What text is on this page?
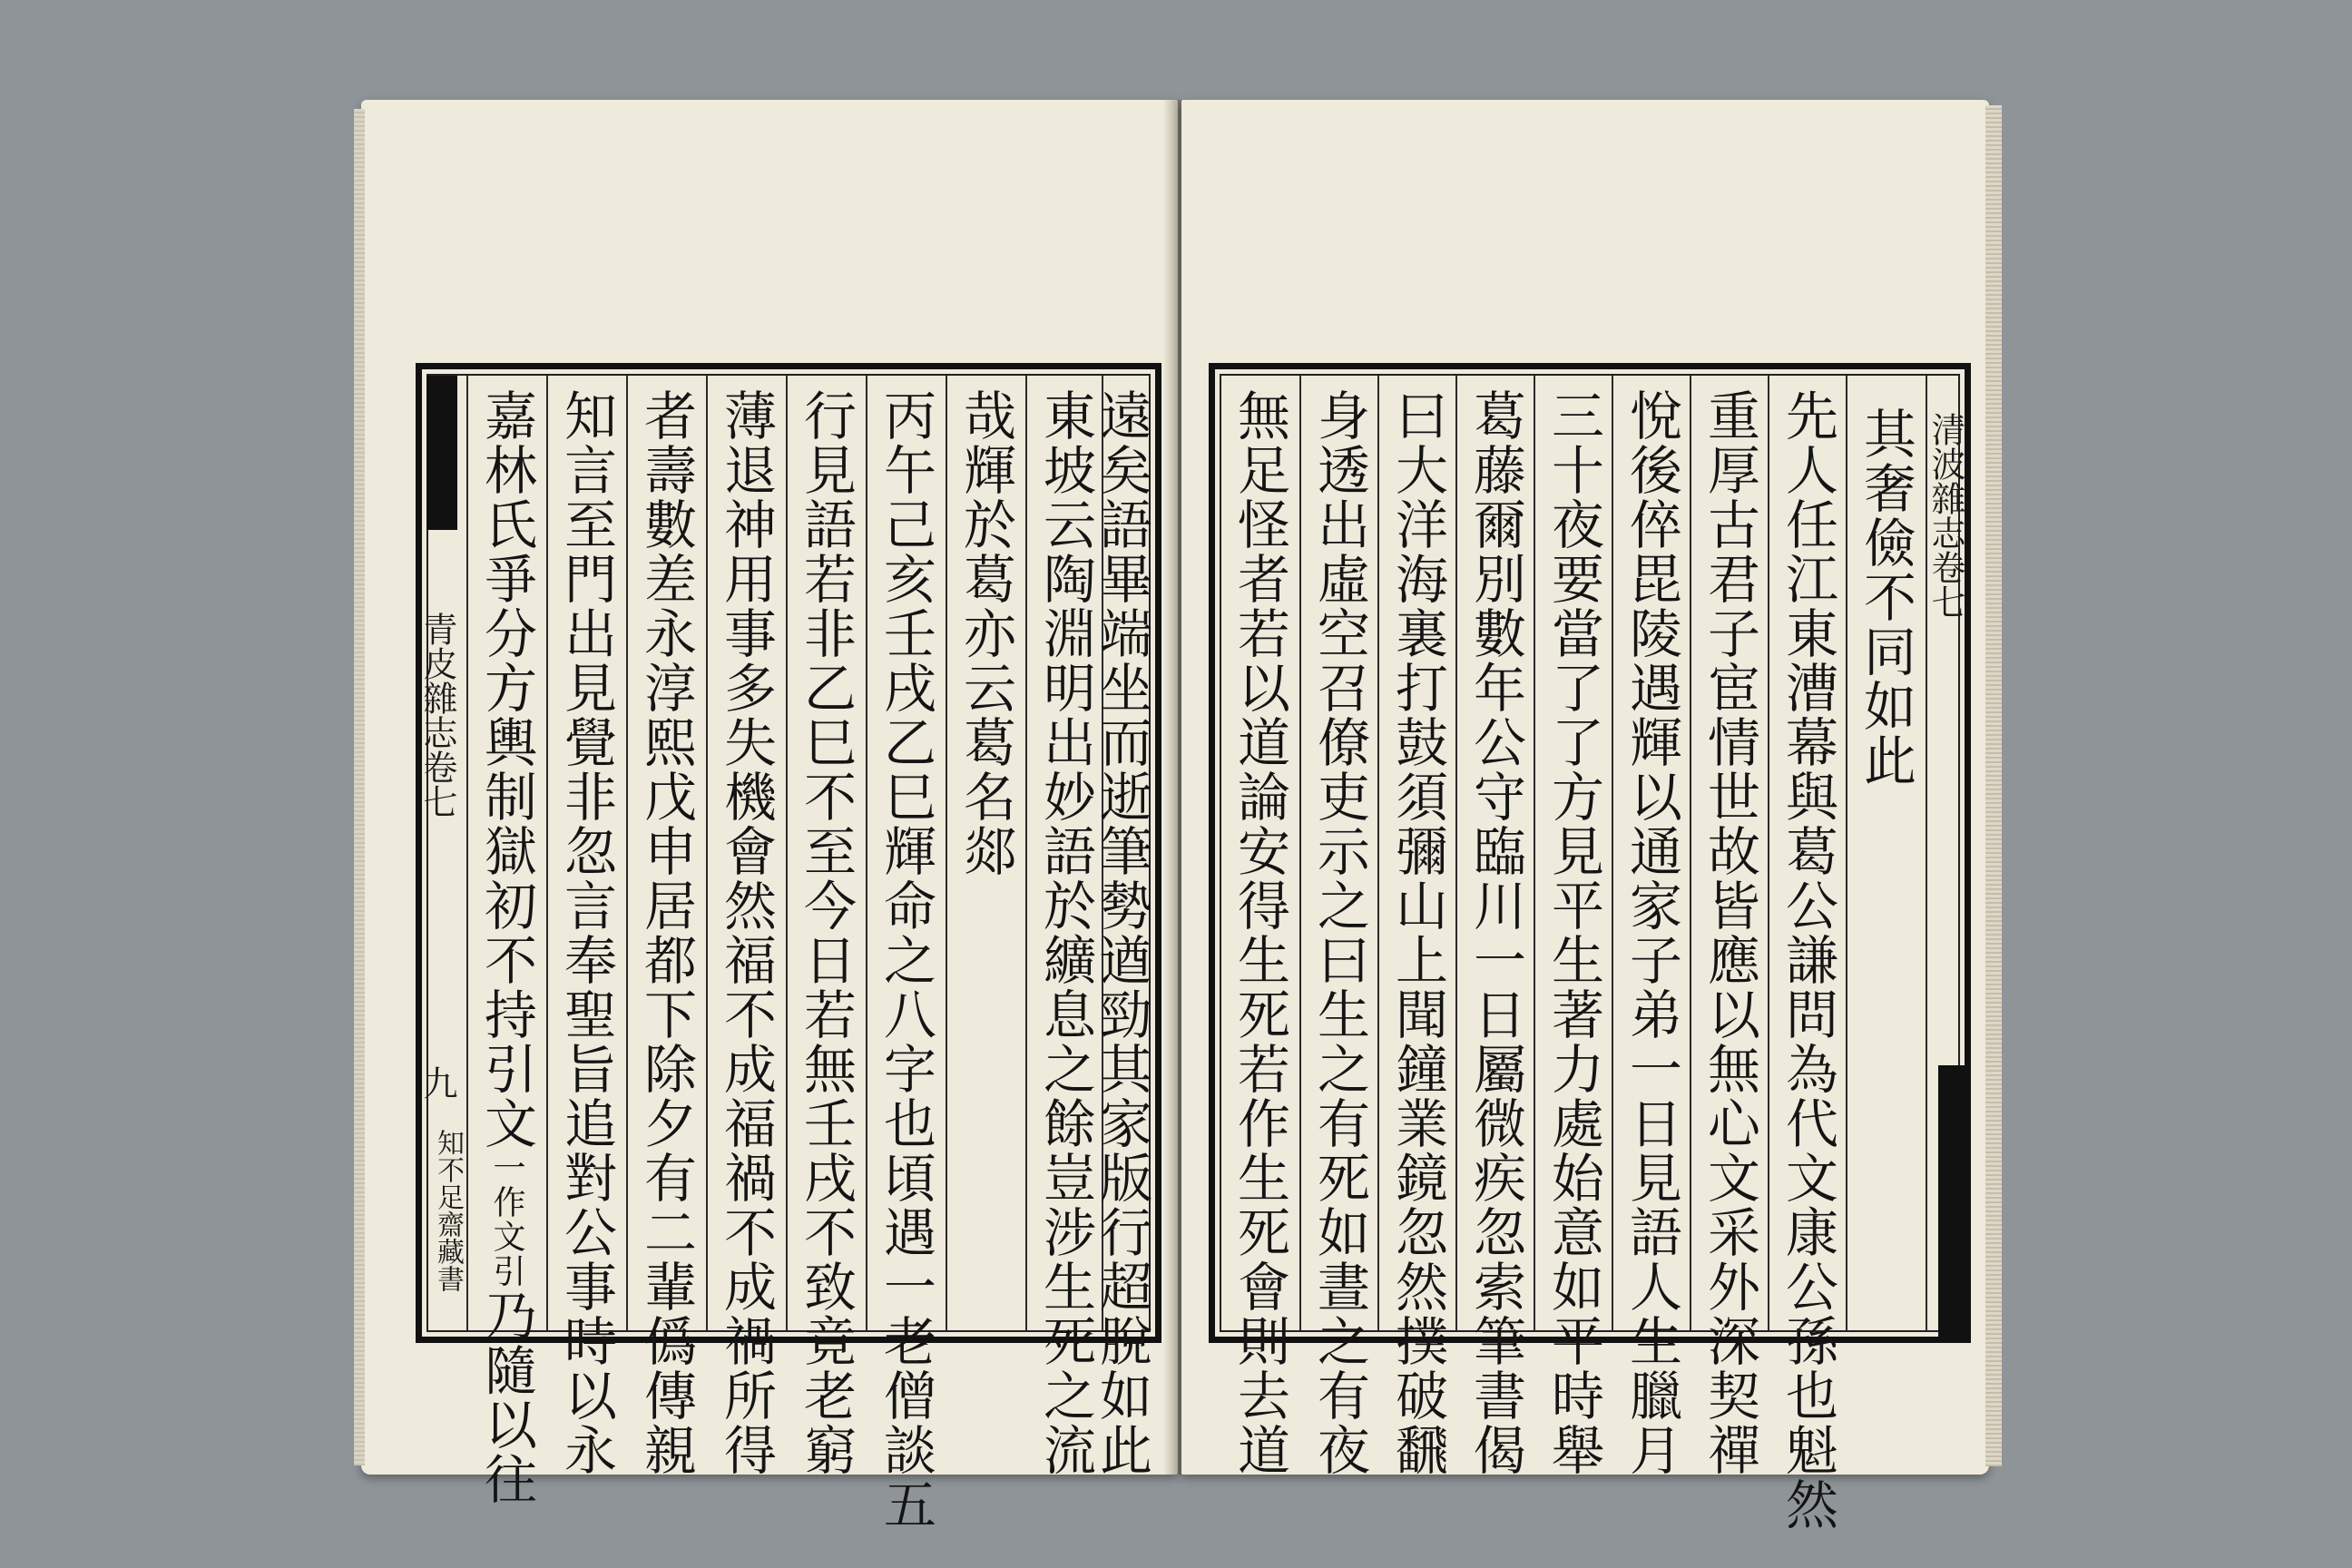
青皮雜志卷七
九
知不足齋藏書
嘉林氏爭分方輿制獄初不持引文一作文引乃隨以往 知言至門出見覺非忽言奉聖旨追對公事時以永 者壽數差永淳熙戊申居都下除夕有二輩僞傳親 薄退神用事多失機會然福不成福禍不成禍所得 行見語若非乙巳不至今日若無壬戌不致竟老窮 丙午己亥壬戌乙巳輝命之八字也頃遇一老僧談五 哉輝於葛亦云葛名郯 東坡云陶淵明出妙語於纊息之餘豈涉生死之流
遠矣語畢端坐而逝筆勢遒勁其家版行超脫如此 無足怪者若以道論安得生死若作生死會則去道 身透出虛空召僚吏示之曰生之有死如晝之有夜 曰大洋海裏打鼓須彌山上聞鐘業鏡忽然撲破飜 葛藤爾別數年公守臨川一日屬微疾忽索筆書偈 三十夜要當了了方見平生著力處始意如平時舉 悅後倅毘陵遇輝以通家子弟一日見語人生臘月 重厚古君子宦情世故皆應以無心文采外深契禪 先人任江東漕幕與葛公謙問為代文康公孫也魁然 其奢儉不同如此 清波雜志卷七
